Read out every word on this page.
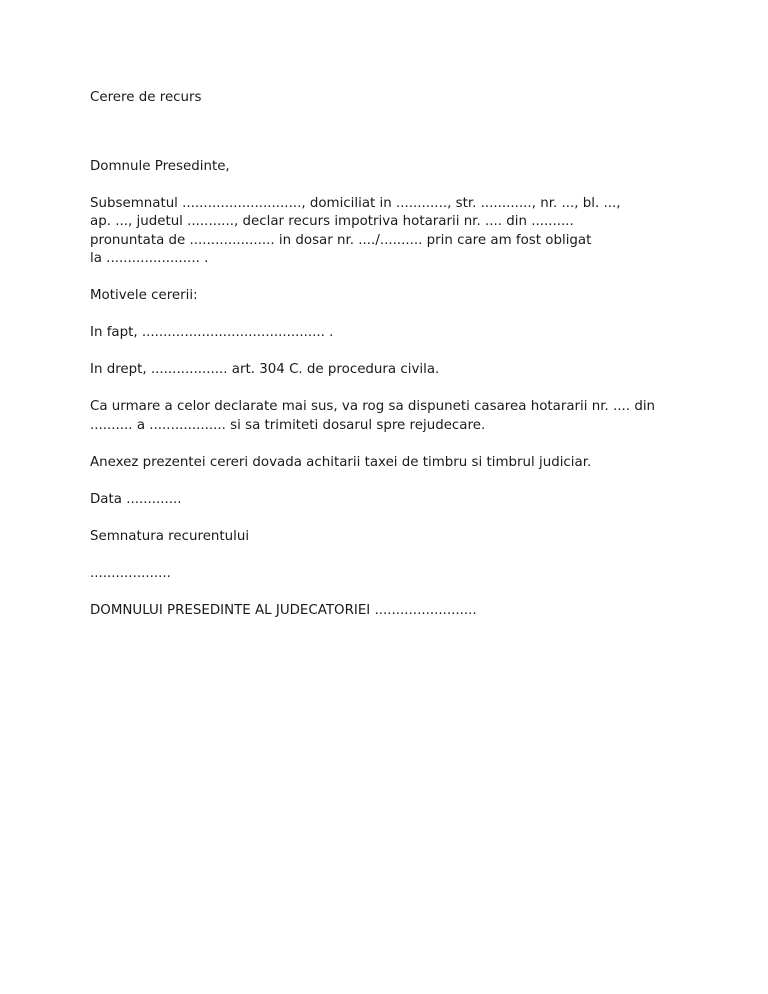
Cerere de recurs
Domnule Presedinte,
Subsemnatul ............................, domiciliat in ............, str. ............, nr. ..., bl. ...,
ap. ..., judetul ..........., declar recurs impotriva hotararii nr. .... din ..........
pronuntata de .................... in dosar nr. ..../.......... prin care am fost obligat
la ...................... .
Motivele cererii:
In fapt, ........................................... .
In drept, .................. art. 304 C. de procedura civila.
Ca urmare a celor declarate mai sus, va rog sa dispuneti casarea hotararii nr. .... din
.......... a .................. si sa trimiteti dosarul spre rejudecare.
Anexez prezentei cereri dovada achitarii taxei de timbru si timbrul judiciar.
Data .............
Semnatura recurentului
...................
DOMNULUI PRESEDINTE AL JUDECATORIEI ........................
